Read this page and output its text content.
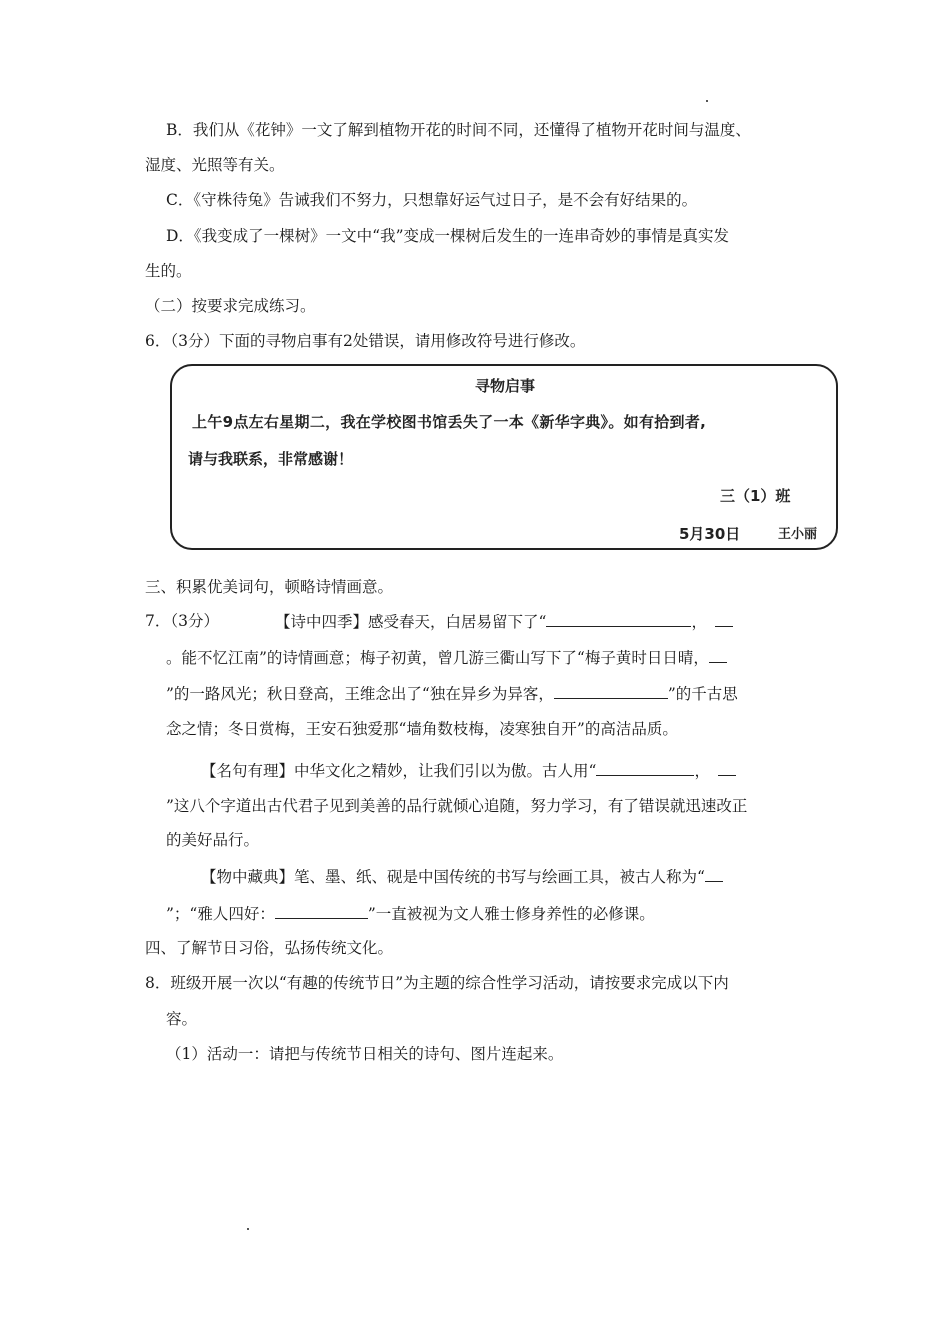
B．我们从《花钟》一文了解到植物开花的时间不同，还懂得了植物开花时间与温度、
湿度、光照等有关。
C．《守株待兔》告诫我们不努力，只想靠好运气过日子，是不会有好结果的。
D．《我变成了一棵树》一文中“我”变成一棵树后发生的一连串奇妙的事情是真实发
生的。
（二）按要求完成练习。
6．（3分）下面的寻物启事有2处错误，请用修改符号进行修改。
寻物启事
上午9点左右星期二，我在学校图书馆丢失了一本《新华字典》。如有拾到者,
请与我联系，非常感谢！
三（1）班
5月30日	王小丽
三、积累优美词句，顿略诗情画意。
7．（3分）	【诗中四季】感受春天，白居易留下了“	，
。能不忆江南”的诗情画意；梅子初黄，曾几游三衢山写下了“梅子黄时日日晴，
”的一路风光；秋日登高，王维念出了“独在异乡为异客，	”的千古思
念之情；冬日赏梅，王安石独爱那“墙角数枝梅，凌寒独自开”的高洁品质。
【名句有理】中华文化之精妙，让我们引以为傲。古人用“	，
”这八个字道出古代君子见到美善的品行就倾心追随，努力学习，有了错误就迅速改正
的美好品行。
【物中藏典】笔、墨、纸、砚是中国传统的书写与绘画工具，被古人称为“
”；“雅人四好：	”一直被视为文人雅士修身养性的必修课。
四、了解节日习俗，弘扬传统文化。
8．班级开展一次以“有趣的传统节日”为主题的综合性学习活动，请按要求完成以下内
容。
（1）活动一：请把与传统节日相关的诗句、图片连起来。
